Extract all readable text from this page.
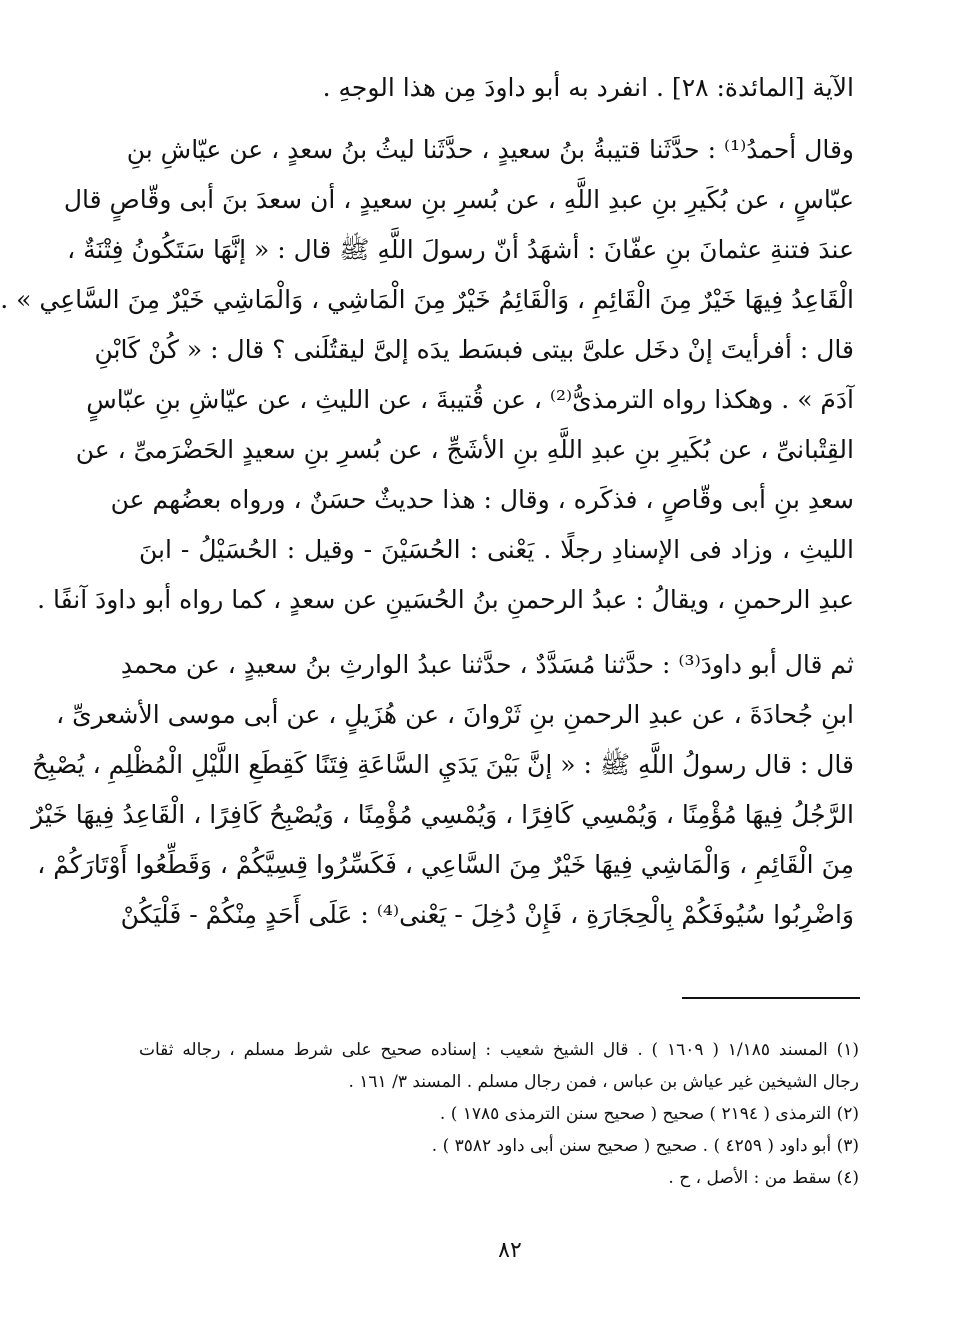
الآية [المائدة: ٢٨] . انفرد به أبو داودَ مِن هذا الوجهِ .
وقال أحمدُ⁽¹⁾ : حدَّثَنا قتيبةُ بنُ سعيدٍ ، حدَّثَنا ليثُ بنُ سعدٍ ، عن عيّاشِ بنِ
عبّاسٍ ، عن بُكَيرِ بنِ عبدِ اللَّهِ ، عن بُسرِ بنِ سعيدٍ ، أن سعدَ بنَ أبى وقّاصٍ قال
عندَ فتنةِ عثمانَ بنِ عفّانَ : أشهَدُ أنّ رسولَ اللَّهِ ﷺ قال : « إنَّهَا سَتَكُونُ فِتْنَةٌ ،
الْقَاعِدُ فِيهَا خَيْرٌ مِنَ الْقَائِمِ ، وَالْقَائِمُ خَيْرٌ مِنَ الْمَاشِي ، وَالْمَاشِي خَيْرٌ مِنَ السَّاعِي » .
قال : أفرأيتَ إنْ دخَل علىَّ بيتى فبسَط يدَه إلىَّ ليقتُلَنى ؟ قال : « كُنْ كَابْنِ
آدَمَ » . وهكذا رواه الترمذىُّ⁽²⁾ ، عن قُتيبةَ ، عن الليثِ ، عن عيّاشِ بنِ عبّاسٍ
القِتْبانىِّ ، عن بُكَيرِ بنِ عبدِ اللَّهِ بنِ الأشَجِّ ، عن بُسرِ بنِ سعيدٍ الحَضْرَمىِّ ، عن
سعدِ بنِ أبى وقّاصٍ ، فذكَره ، وقال : هذا حديثٌ حسَنٌ ، ورواه بعضُهم عن
الليثِ ، وزاد فى الإسنادِ رجلًا . يَعْنى : الحُسَيْنَ - وقيل : الحُسَيْلُ - ابنَ
عبدِ الرحمنِ ، ويقالُ : عبدُ الرحمنِ بنُ الحُسَينِ عن سعدٍ ، كما رواه أبو داودَ آنفًا .
ثم قال أبو داودَ⁽³⁾ : حدَّثنا مُسَدَّدٌ ، حدَّثنا عبدُ الوارثِ بنُ سعيدٍ ، عن محمدِ
ابنِ جُحادَةَ ، عن عبدِ الرحمنِ بنِ ثَرْوانَ ، عن هُزَيلٍ ، عن أبى موسى الأشعرىِّ ،
قال : قال رسولُ اللَّهِ ﷺ : « إنَّ بَيْنَ يَدَيِ السَّاعَةِ فِتَنًا كَقِطَعِ اللَّيْلِ الْمُظْلِمِ ، يُصْبِحُ
الرَّجُلُ فِيهَا مُؤْمِنًا ، وَيُمْسِي كَافِرًا ، وَيُمْسِي مُؤْمِنًا ، وَيُصْبِحُ كَافِرًا ، الْقَاعِدُ فِيهَا خَيْرٌ
مِنَ الْقَائِمِ ، وَالْمَاشِي فِيهَا خَيْرٌ مِنَ السَّاعِي ، فَكَسِّرُوا قِسِيَّكُمْ ، وَقَطِّعُوا أَوْتَارَكُمْ ،
وَاضْرِبُوا سُيُوفَكُمْ بِالْحِجَارَةِ ، فَإِنْ دُخِلَ - يَعْنى⁽⁴⁾ : عَلَى أَحَدٍ مِنْكُمْ - فَلْيَكُنْ
(١) المسند ١/١٨٥ ( ١٦٠٩ ) . قال الشيخ شعيب : إسناده صحيح على شرط مسلم ، رجاله ثقات
رجال الشيخين غير عياش بن عباس ، فمن رجال مسلم . المسند ٣/ ١٦١ .
(٢) الترمذى ( ٢١٩٤ ) صحيح ( صحيح سنن الترمذى ١٧٨٥ ) .
(٣) أبو داود ( ٤٢٥٩ ) . صحيح ( صحيح سنن أبى داود ٣٥٨٢ ) .
(٤) سقط من : الأصل ، ح .
٨٢
